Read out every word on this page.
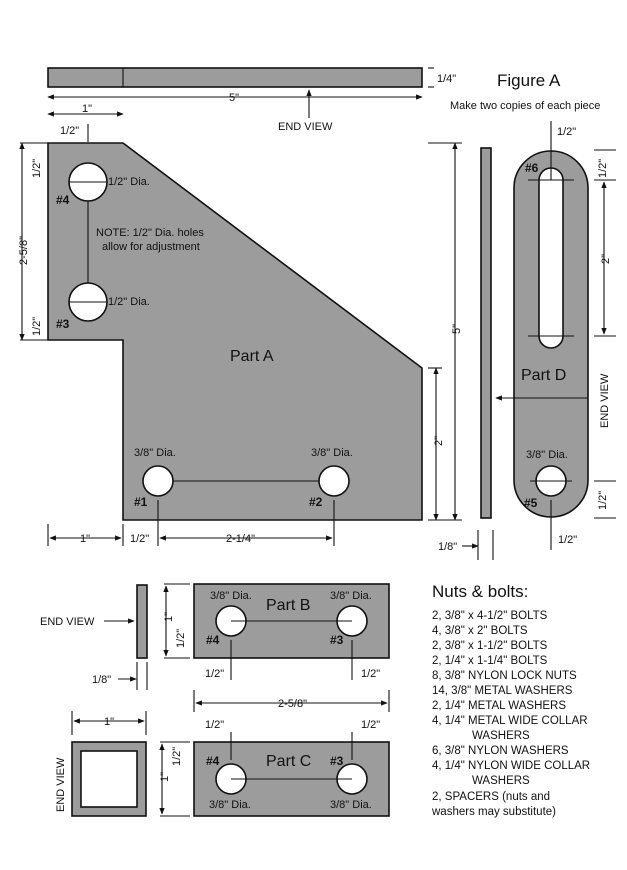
Figure A
Make two copies of each piece
1/4"
5"
END VIEW
1"
1/2"
1/2" Dia.
#4
NOTE: 1/2" Dia. holes
allow for adjustment
1/2" Dia.
#3
Part A
3/8" Dia.	3/8" Dia.
#1	#2
2-5/8"
1/2"
1/2"	5"
2"
1"	1/2"	2-1/4"
1/8"
#6
Part D
3/8" Dia.
#5
1/2"
1/2"
2"
END VIEW
1/2"
1/2"
END VIEW
1/8"
3/8" Dia.
Part B
3/8" Dia.
#4	#3
1"
1/2"
1/2"	1/2"
2-5/8"
1"
END VIEW
1/2"	1/2"
#4	Part C #3
3/8" Dia.	3/8" Dia.
1"
1/2"
Nuts & bolts:
2, 3/8" x 4-1/2" BOLTS
4, 3/8" x 2" BOLTS
2, 3/8" x 1-1/2" BOLTS
2, 1/4" x 1-1/4" BOLTS
8, 3/8" NYLON LOCK NUTS
14, 3/8" METAL WASHERS
2, 1/4" METAL WASHERS
4, 1/4" METAL WIDE COLLAR
WASHERS
6, 3/8" NYLON WASHERS
4, 1/4" NYLON WIDE COLLAR
WASHERS
2, SPACERS (nuts and
washers may substitute)
